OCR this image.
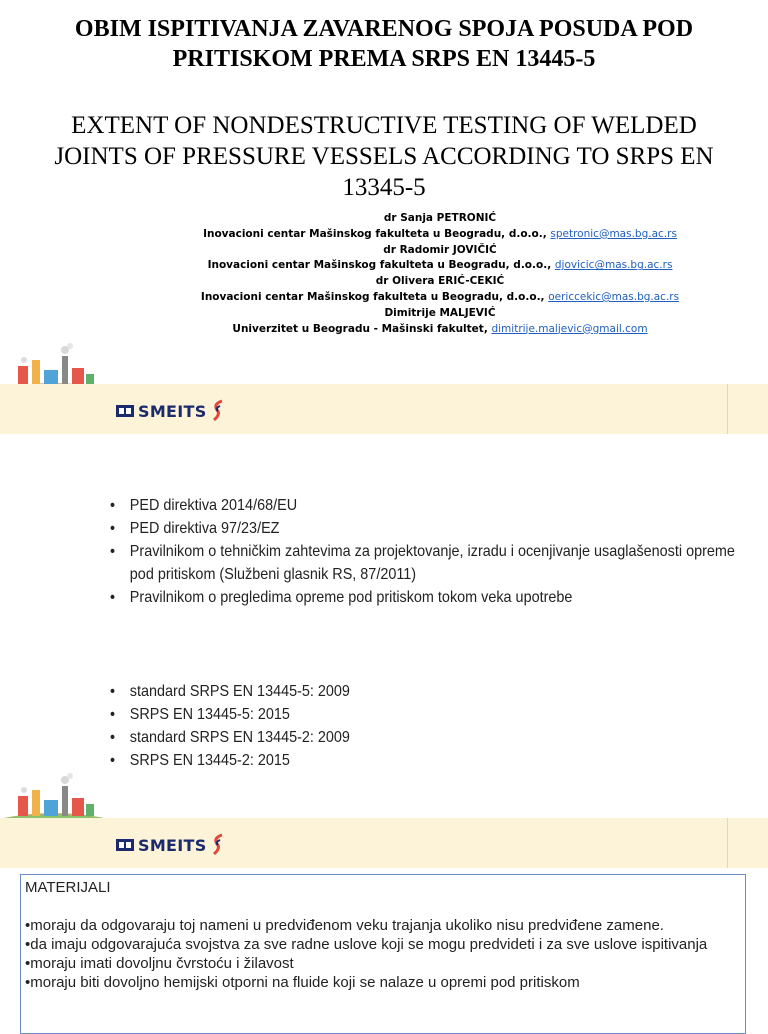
OBIM ISPITIVANJA ZAVARENOG SPOJA POSUDA POD
PRITISKOM PREMA SRPS EN 13445-5
EXTENT OF NONDESTRUCTIVE TESTING OF WELDED
JOINTS OF PRESSURE VESSELS ACCORDING TO SRPS EN
13345-5
dr Sanja PETRONIĆ
Inovacioni centar Mašinskog fakulteta u Beogradu, d.o.o., spetronic@mas.bg.ac.rs
dr Radomir JOVIČIĆ
Inovacioni centar Mašinskog fakulteta u Beogradu, d.o.o., djovicic@mas.bg.ac.rs
dr Olivera ERIĆ-CEKIĆ
Inovacioni centar Mašinskog fakulteta u Beogradu, d.o.o., oericcekic@mas.bg.ac.rs
Dimitrije MALJEVIĆ
Univerzitet u Beogradu - Mašinski fakultet, dimitrije.maljevic@gmail.com
SMEITS
• PED direktiva 2014/68/EU
• PED direktiva 97/23/EZ
• Pravilnikom o tehničkim zahtevima za projektovanje, izradu i ocenjivanje usaglašenosti opreme pod pritiskom (Službeni glasnik RS, 87/2011)
• Pravilnikom o pregledima opreme pod pritiskom tokom veka upotrebe
• standard SRPS EN 13445-5: 2009
• SRPS EN 13445-5: 2015
• standard SRPS EN 13445-2: 2009
• SRPS EN 13445-2: 2015
SMEITS

MATERIJALI

•moraju da odgovaraju toj nameni u predviđenom veku trajanja ukoliko nisu predviđene zamene.

•da imaju odgovarajuća svojstva za sve radne uslove koji se mogu predvideti i za sve uslove ispitivanja

•moraju imati dovoljnu čvrstoću i žilavost

•moraju biti dovoljno hemijski otporni na fluide koji se nalaze u opremi pod pritiskom
